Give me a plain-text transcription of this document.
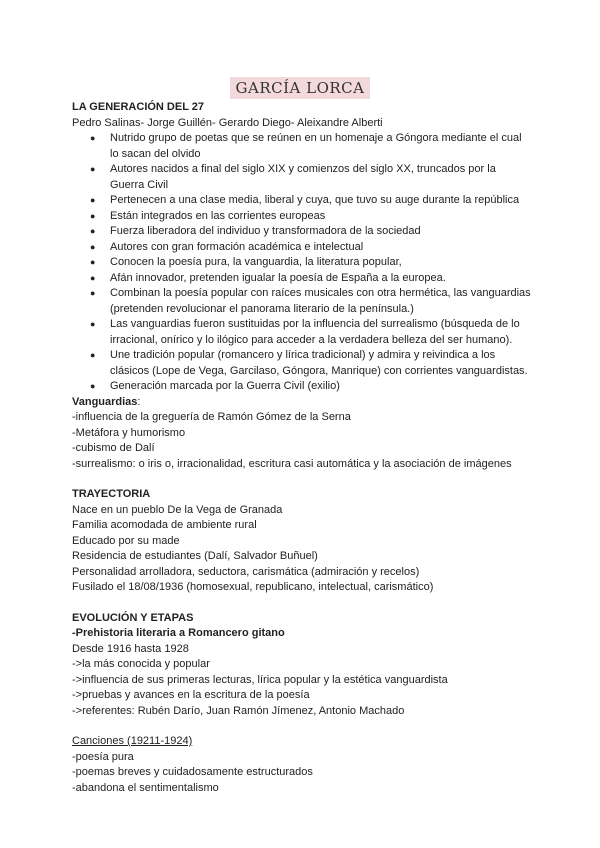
GARCÍA LORCA

LA GENERACIÓN DEL 27

Pedro Salinas- Jorge Guillén- Gerardo Diego- Aleixandre Alberti

● Nutrido grupo de poetas que se reúnen en un homenaje a Góngora mediante el cual lo sacan del olvido
● Autores nacidos a final del siglo XIX y comienzos del siglo XX, truncados por la Guerra Civil
● Pertenecen a una clase media, liberal y cuya, que tuvo su auge durante la república
● Están integrados en las corrientes europeas
● Fuerza liberadora del individuo y transformadora de la sociedad
● Autores con gran formación académica e intelectual
● Conocen la poesía pura, la vanguardia, la literatura popular,
● Afán innovador, pretenden igualar la poesía de España a la europea.
● Combinan la poesía popular con raíces musicales con otra hermética, las vanguardias (pretenden revolucionar el panorama literario de la península.)
● Las vanguardias fueron sustituidas por la influencia del surrealismo (búsqueda de lo irracional, onírico y lo ilógico para acceder a la verdadera belleza del ser humano).
● Une tradición popular (romancero y lírica tradicional) y admira y reivindica a los clásicos (Lope de Vega, Garcilaso, Góngora, Manrique) con corrientes vanguardistas.
● Generación marcada por la Guerra Civil (exilio)

Vanguardias:

-influencia de la greguería de Ramón Gómez de la Serna

-Metáfora y humorismo

-cubismo de Dalí

-surrealismo: o iris o, irracionalidad, escritura casi automática y la asociación de imágenes

TRAYECTORIA

Nace en un pueblo De la Vega de Granada

Familia acomodada de ambiente rural

Educado por su made

Residencia de estudiantes (Dalí, Salvador Buñuel)

Personalidad arrolladora, seductora, carismática (admiración y recelos)

Fusilado el 18/08/1936 (homosexual, republicano, intelectual, carismático)

EVOLUCIÓN Y ETAPAS

-Prehistoria literaria a Romancero gitano

Desde 1916 hasta 1928

->la más conocida y popular

->influencia de sus primeras lecturas, lírica popular y la estética vanguardista

->pruebas y avances en la escritura de la poesía

->referentes: Rubén Darío, Juan Ramón Jímenez, Antonio Machado

Canciones (19211-1924)

-poesía pura

-poemas breves y cuidadosamente estructurados

-abandona el sentimentalismo
